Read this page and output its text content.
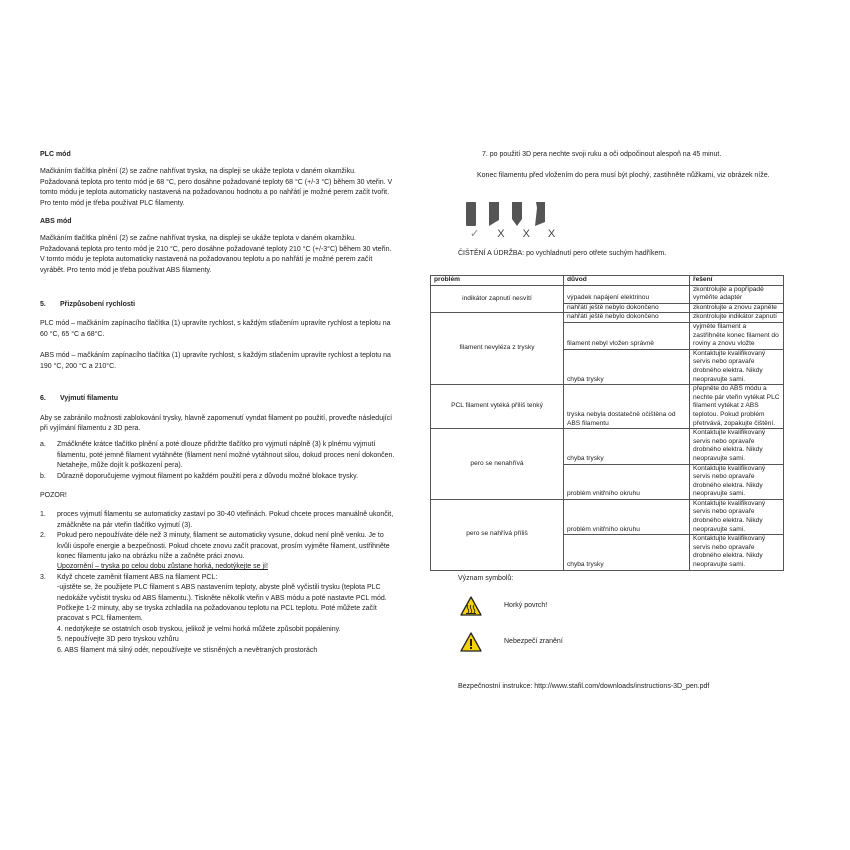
PLC mód

Mačkáním tlačítka plnění (2) se začne nahřívat tryska, na displeji se ukáže teplota v daném okamžiku. Požadovaná teplota pro tento mód je 68 °C, pero dosáhne požadované teploty 68 °C (+/-3 °C) během 30 vteřin. V tomto módu je teplota automaticky nastavená na požadovanou hodnotu a po nahřátí je možné perem začít tvořit. Pro tento mód je třeba používat PLC filamenty.

ABS mód

Mačkáním tlačítka plnění (2) se začne nahřívat tryska, na displeji se ukáže teplota v daném okamžiku. Požadovaná teplota pro tento mód je 210 °C, pero dosáhne požadované teploty 210 °C (+/-3°C) během 30 vteřin. V tomto módu je teplota automaticky nastavená na požadovanou teplotu a po nahřátí je možné perem začít vyrábět. Pro tento mód je třeba používat ABS filamenty.

5.	Přizpůsobení rychlosti

PLC mód – mačkáním zapínacího tlačítka (1) upravíte rychlost, s každým stlačením upravíte rychlost a teplotu na 60 °C, 65 °C a 68°C.

ABS mód – mačkáním zapínacího tlačítka (1) upravíte rychlost, s každým stlačením upravíte rychlost a teplotu na 190 °C, 200 °C a 210°C.

6.	Vyjmutí filamentu

Aby se zabránilo možnosti zablokování trysky, hlavně zapomenutí vyndat filament po použití, proveďte následující při vyjímání filamentu z 3D pera.

a.	Zmáčkněte krátce tlačítko plnění a poté dlouze přidržte tlačítko pro vyjmutí náplně (3) k plnému vyjmutí filamentu, poté jemně filament vytáhněte (filament není možné vytáhnout silou, dokud proces není dokončen. Netahejte, může dojít k poškození pera).
b.	Důrazně doporučujeme vyjmout filament po každém použití pera z důvodu možné blokace trysky.

POZOR!

1.	proces vyjmutí filamentu se automaticky zastaví po 30-40 vteřinách. Pokud chcete proces manuálně ukončit, zmáčkněte na pár vteřin tlačítko vyjmutí (3).
2.	Pokud pero nepoužíváte déle než 3 minuty, filament se automaticky vysune, dokud není plně venku. Je to kvůli úspoře energie a bezpečnosti. Pokud chcete znovu začít pracovat, prosím vyjměte filament, ustřihněte konec filamentu jako na obrázku níže a začněte práci znovu.
Upozornění – tryska po celou dobu zůstane horká, nedotýkejte se jí!
3.	Když chcete zaměnit filament ABS na filament PCL:
-ujistěte se, že použijete PLC filament s ABS nastavením teploty, abyste plně vyčistili trysku (teplota PLC nedokáže vyčistit trysku od ABS filamentu.). Tiskněte několik vteřin v ABS módu a poté nastavte PCL mód. Počkejte 1-2 minuty, aby se tryska zchladila na požadovanou teplotu na PCL teplotu. Poté můžete začít pracovat s PCL filamentem.
4. nedotýkejte se ostatních osob tryskou, jelikož je velmi horká můžete způsobit popáleniny.
5. nepoužívejte 3D pero tryskou vzhůru
6. ABS filament má silný odér, nepoužívejte ve stísněných a nevětraných prostorách

7. po použití 3D pera nechte svoji ruku a oči odpočinout alespoň na 45 minut.

Konec filamentu před vložením do pera musí být plochý, zastihněte nůžkami, viz obrázek níže.

✓ X X X

ČIŠTĚNÍ A ÚDRŽBA: po vychladnutí pero otřete suchým hadříkem.

problém	důvod	řešení
indikátor zapnutí nesvítí	výpadek napájení elektrinou	zkontrolujte a popřípadě vyměňte adaptér
	nahřátí ještě nebylo dokončeno	zkontrolujte a znovu zapněte
filament nevyléza z trysky	nahřátí ještě nebylo dokončeno	zkontrolujte indikátor zapnutí
	filament nebyl vložen správně	vyjměte filament a zastřihněte konec filament do roviny a znovu vložte
	chyba trysky	Kontaktujte kvalifikovaný servis nebo opravaře drobného elektra. Nikdy neopravujte sami.
PCL filament vytéká příliš tenký	tryska nebyla dostatečně očištěna od ABS filamentu	přepněte do ABS módu a nechte pár vteřin vytékat PLC filament vytékat z ABS teplotou. Pokud problém přetrvává, zopakujte čištění.
pero se nenahřívá	chyba trysky	Kontaktujte kvalifikovaný servis nebo opravaře drobného elektra. Nikdy neopravujte sami.
	problém vnitřního okruhu	Kontaktujte kvalifikovaný servis nebo opravaře drobného elektra. Nikdy neopravujte sami.
pero se nahřívá příliš	problém vnitřního okruhu	Kontaktujte kvalifikovaný servis nebo opravaře drobného elektra. Nikdy neopravujte sami.
	chyba trysky	Kontaktujte kvalifikovaný servis nebo opravaře drobného elektra. Nikdy neopravujte sami.

Význam symbolů:

Horký povrch!
Nebezpečí zranění

Bezpečnostní instrukce: http://www.stafil.com/downloads/instructions-3D_pen.pdf
